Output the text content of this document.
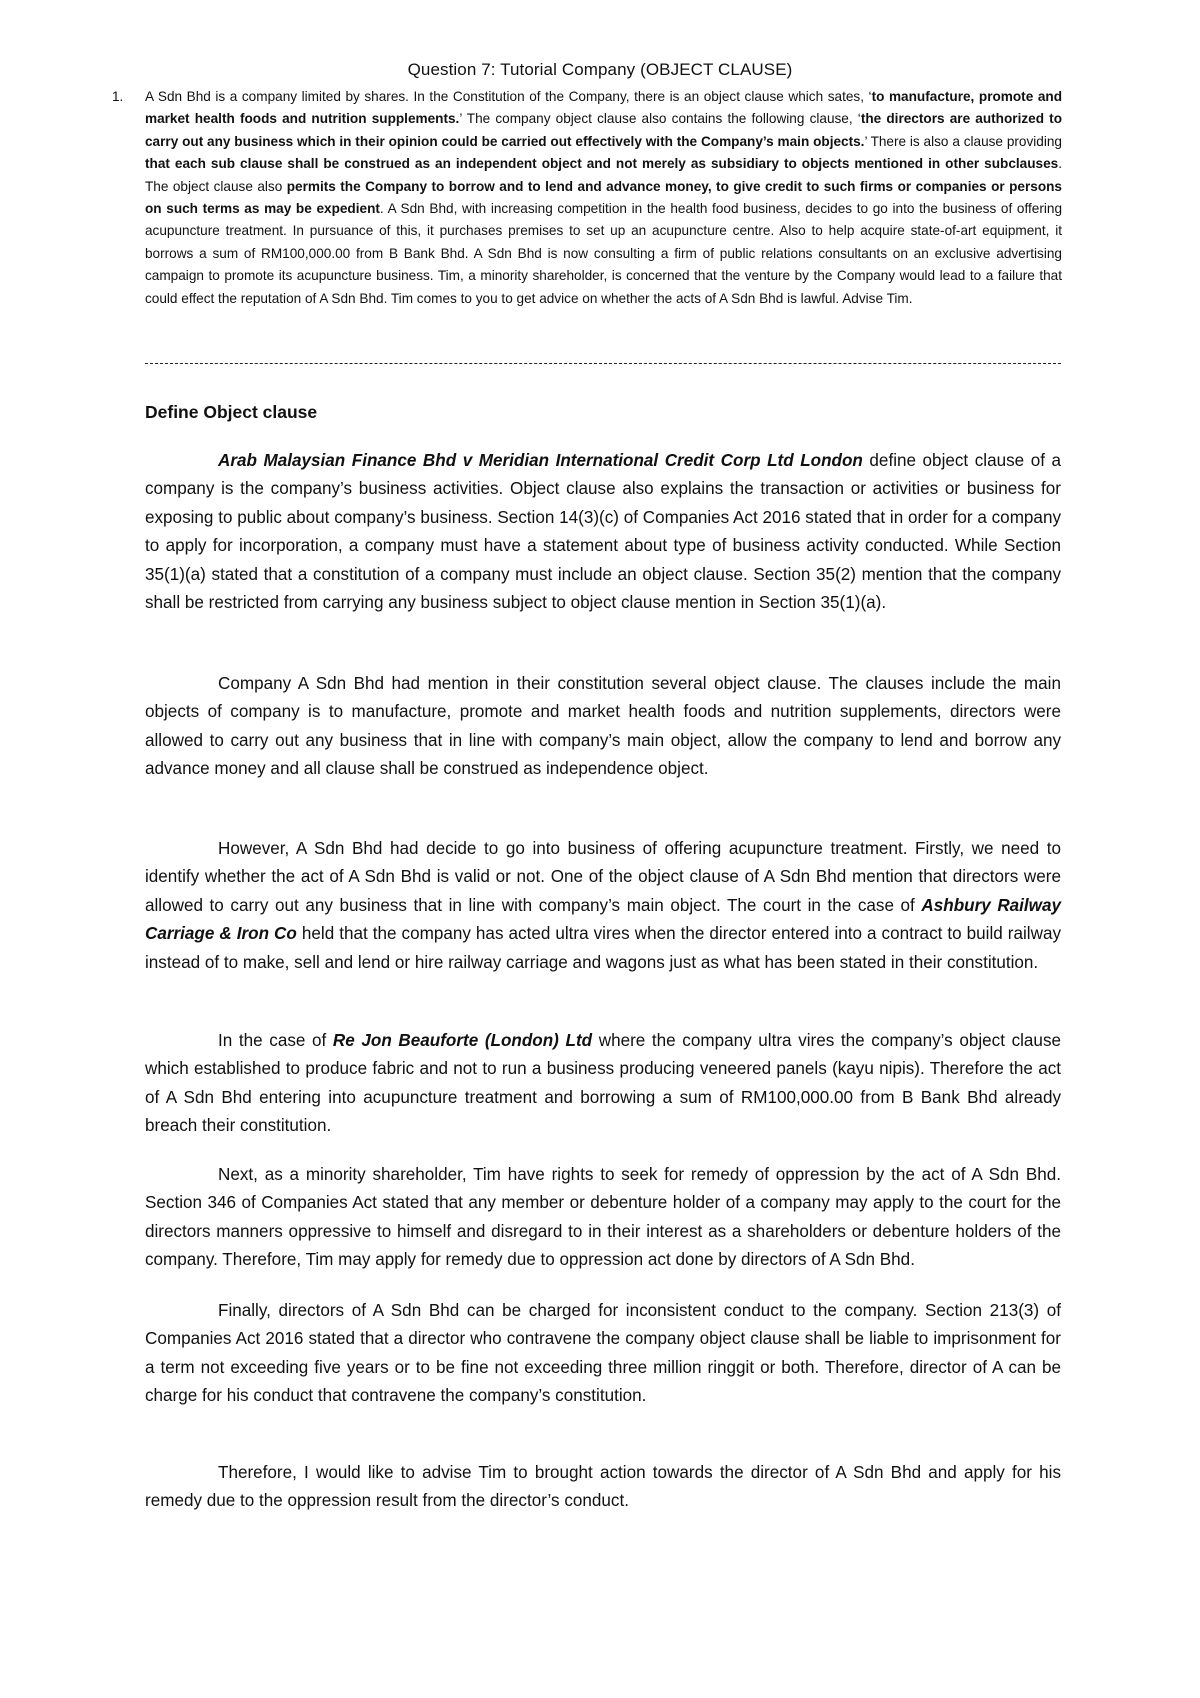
Question 7: Tutorial Company (OBJECT CLAUSE)
1. A Sdn Bhd is a company limited by shares. In the Constitution of the Company, there is an object clause which sates, ‘to manufacture, promote and market health foods and nutrition supplements.’ The company object clause also contains the following clause, ‘the directors are authorized to carry out any business which in their opinion could be carried out effectively with the Company’s main objects.’ There is also a clause providing that each sub clause shall be construed as an independent object and not merely as subsidiary to objects mentioned in other subclauses. The object clause also permits the Company to borrow and to lend and advance money, to give credit to such firms or companies or persons on such terms as may be expedient. A Sdn Bhd, with increasing competition in the health food business, decides to go into the business of offering acupuncture treatment. In pursuance of this, it purchases premises to set up an acupuncture centre. Also to help acquire state-of-art equipment, it borrows a sum of RM100,000.00 from B Bank Bhd. A Sdn Bhd is now consulting a firm of public relations consultants on an exclusive advertising campaign to promote its acupuncture business. Tim, a minority shareholder, is concerned that the venture by the Company would lead to a failure that could effect the reputation of A Sdn Bhd. Tim comes to you to get advice on whether the acts of A Sdn Bhd is lawful. Advise Tim.
Define Object clause

Arab Malaysian Finance Bhd v Meridian International Credit Corp Ltd London define object clause of a company is the company’s business activities. Object clause also explains the transaction or activities or business for exposing to public about company’s business. Section 14(3)(c) of Companies Act 2016 stated that in order for a company to apply for incorporation, a company must have a statement about type of business activity conducted. While Section 35(1)(a) stated that a constitution of a company must include an object clause. Section 35(2) mention that the company shall be restricted from carrying any business subject to object clause mention in Section 35(1)(a).

Company A Sdn Bhd had mention in their constitution several object clause. The clauses include the main objects of company is to manufacture, promote and market health foods and nutrition supplements, directors were allowed to carry out any business that in line with company’s main object, allow the company to lend and borrow any advance money and all clause shall be construed as independence object.

However, A Sdn Bhd had decide to go into business of offering acupuncture treatment. Firstly, we need to identify whether the act of A Sdn Bhd is valid or not. One of the object clause of A Sdn Bhd mention that directors were allowed to carry out any business that in line with company’s main object. The court in the case of Ashbury Railway Carriage & Iron Co held that the company has acted ultra vires when the director entered into a contract to build railway instead of to make, sell and lend or hire railway carriage and wagons just as what has been stated in their constitution.

In the case of Re Jon Beauforte (London) Ltd where the company ultra vires the company’s object clause which established to produce fabric and not to run a business producing veneered panels (kayu nipis). Therefore the act of A Sdn Bhd entering into acupuncture treatment and borrowing a sum of RM100,000.00 from B Bank Bhd already breach their constitution.

Next, as a minority shareholder, Tim have rights to seek for remedy of oppression by the act of A Sdn Bhd. Section 346 of Companies Act stated that any member or debenture holder of a company may apply to the court for the directors manners oppressive to himself and disregard to in their interest as a shareholders or debenture holders of the company. Therefore, Tim may apply for remedy due to oppression act done by directors of A Sdn Bhd.

Finally, directors of A Sdn Bhd can be charged for inconsistent conduct to the company. Section 213(3) of Companies Act 2016 stated that a director who contravene the company object clause shall be liable to imprisonment for a term not exceeding five years or to be fine not exceeding three million ringgit or both. Therefore, director of A can be charge for his conduct that contravene the company’s constitution.

Therefore, I would like to advise Tim to brought action towards the director of A Sdn Bhd and apply for his remedy due to the oppression result from the director’s conduct.
